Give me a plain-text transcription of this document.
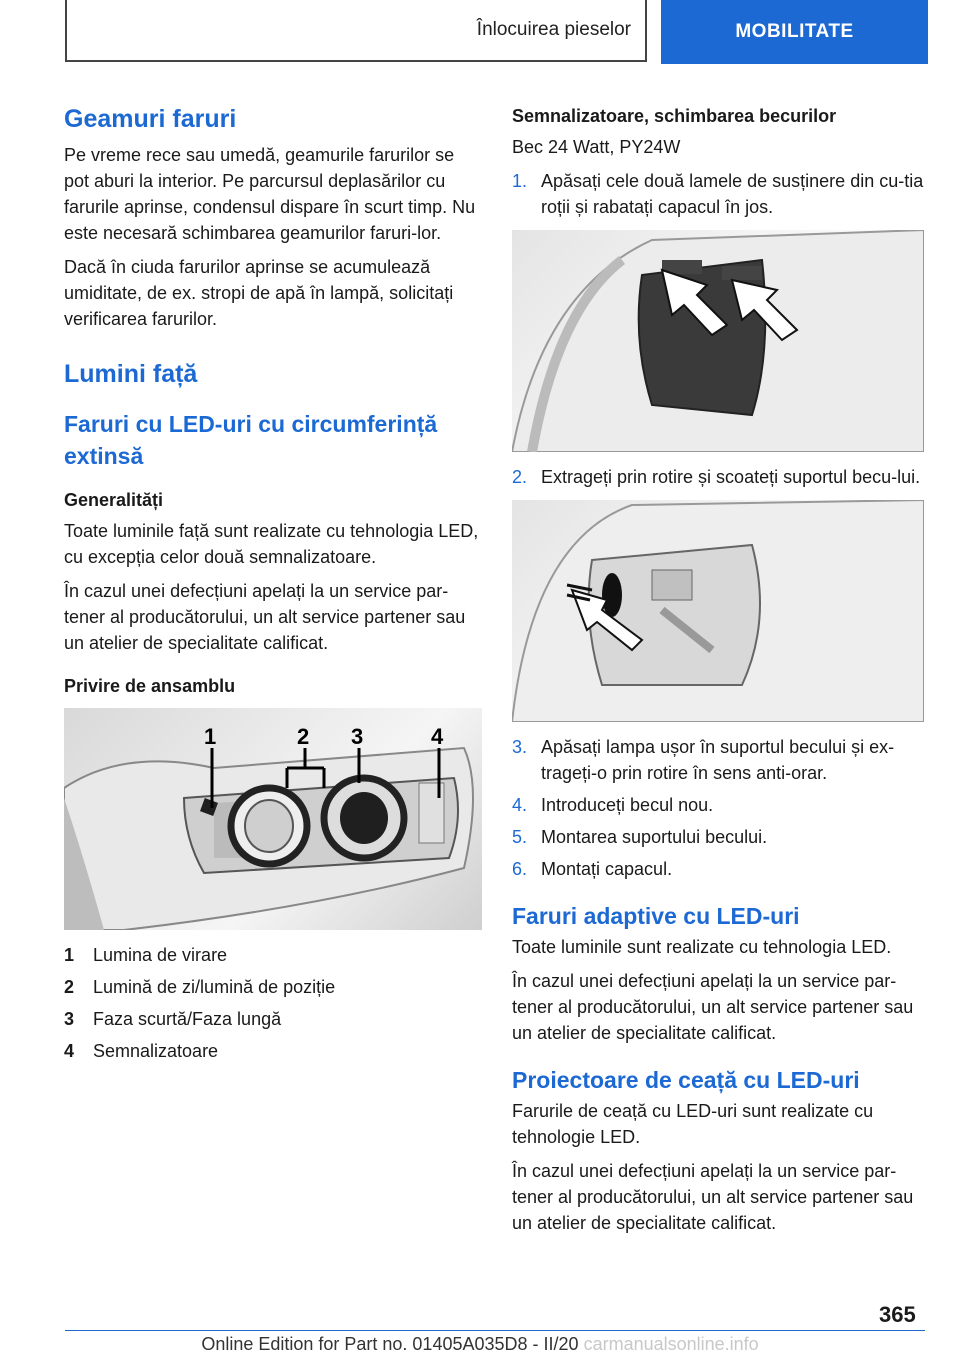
Înlocuirea pieselor	MOBILITATE
Geamuri faruri

Pe vreme rece sau umedă, geamurile farurilor se pot aburi la interior. Pe parcursul deplasărilor cu farurile aprinse, condensul dispare în scurt timp. Nu este necesară schimbarea geamurilor faruri-lor.

Dacă în ciuda farurilor aprinse se acumulează umiditate, de ex. stropi de apă în lampă, solicitați verificarea farurilor.

Lumini față
Faruri cu LED-uri cu circumferință extinsă
Generalități

Toate luminile față sunt realizate cu tehnologia LED, cu excepția celor două semnalizatoare.

În cazul unei defecțiuni apelați la un service par-tener al producătorului, un alt service partener sau un atelier de specialitate calificat.

Privire de ansamblu
1	2 3	4
1	Lumina de virare
2	Lumină de zi/lumină de poziție
3	Faza scurtă/Faza lungă
4	Semnalizatoare
Semnalizatoare, schimbarea becurilor

Bec 24 Watt, PY24W

1. Apăsați cele două lamele de susținere din cu-tia roții și rabatați capacul în jos.
2. Extrageți prin rotire și scoateți suportul becu-lui.
3. Apăsați lampa ușor în suportul becului și ex-trageți-o prin rotire în sens anti-orar.
4. Introduceți becul nou.
5. Montarea suportului becului.
6. Montați capacul.
Faruri adaptive cu LED-uri

Toate luminile sunt realizate cu tehnologia LED.

În cazul unei defecțiuni apelați la un service par-tener al producătorului, un alt service partener sau un atelier de specialitate calificat.

Proiectoare de ceață cu LED-uri

Farurile de ceață cu LED-uri sunt realizate cu tehnologie LED.

În cazul unei defecțiuni apelați la un service par-tener al producătorului, un alt service partener sau un atelier de specialitate calificat.

365
Online Edition for Part no. 01405A035D8 - II/20 carmanualsonline.info
